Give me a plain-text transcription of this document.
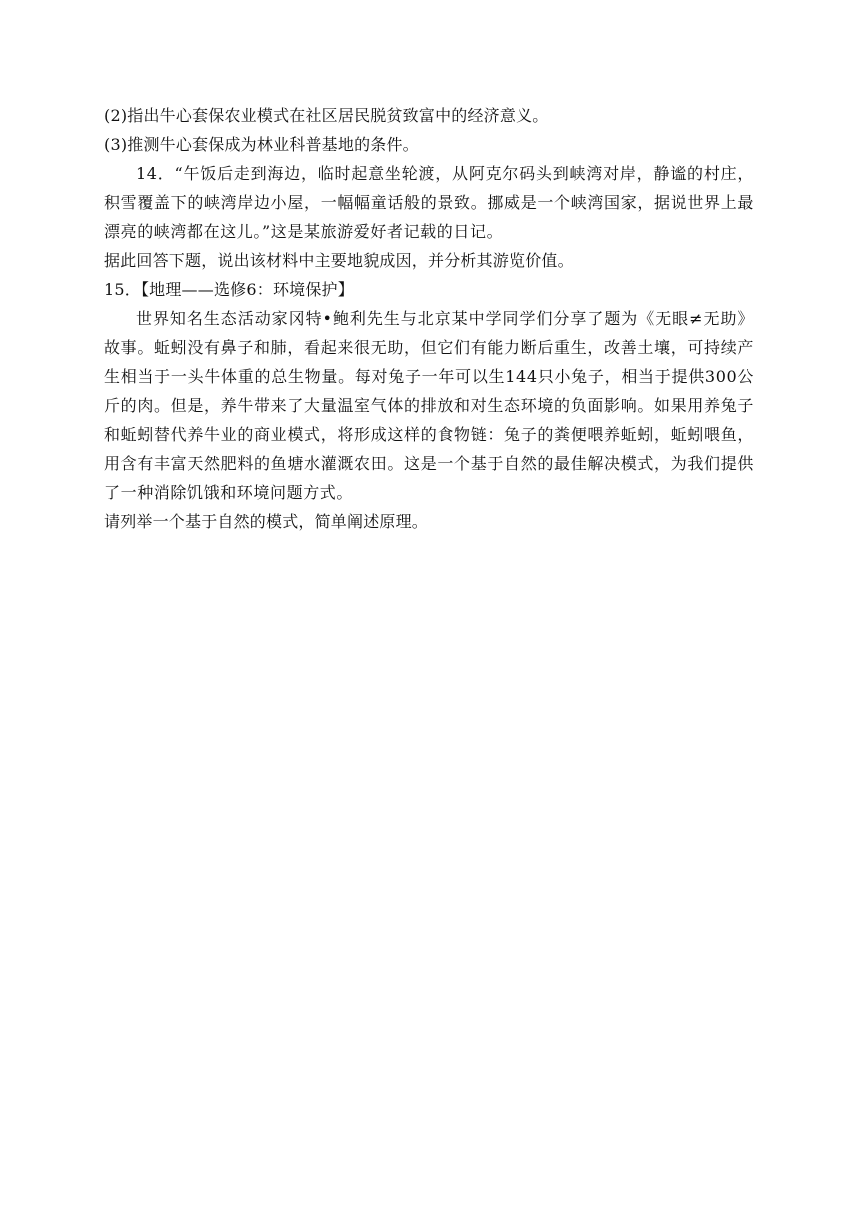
(2)指出牛心套保农业模式在社区居民脱贫致富中的经济意义。
(3)推测牛心套保成为林业科普基地的条件。
14．“午饭后走到海边，临时起意坐轮渡，从阿克尔码头到峡湾对岸，静谧的村庄，积雪覆盖下的峡湾岸边小屋，一幅幅童话般的景致。挪威是一个峡湾国家，据说世界上最漂亮的峡湾都在这儿。”这是某旅游爱好者记载的日记。
据此回答下题，说出该材料中主要地貌成因，并分析其游览价值。
15．【地理——选修6：环境保护】
世界知名生态活动家冈特•鲍利先生与北京某中学同学们分享了题为《无眼≠无助》故事。蚯蚓没有鼻子和肺，看起来很无助，但它们有能力断后重生，改善土壤，可持续产生相当于一头牛体重的总生物量。每对兔子一年可以生144只小兔子，相当于提供300公斤的肉。但是，养牛带来了大量温室气体的排放和对生态环境的负面影响。如果用养兔子和蚯蚓替代养牛业的商业模式，将形成这样的食物链：兔子的粪便喂养蚯蚓，蚯蚓喂鱼，用含有丰富天然肥料的鱼塘水灌溉农田。这是一个基于自然的最佳解决模式，为我们提供了一种消除饥饿和环境问题方式。
请列举一个基于自然的模式，简单阐述原理。
